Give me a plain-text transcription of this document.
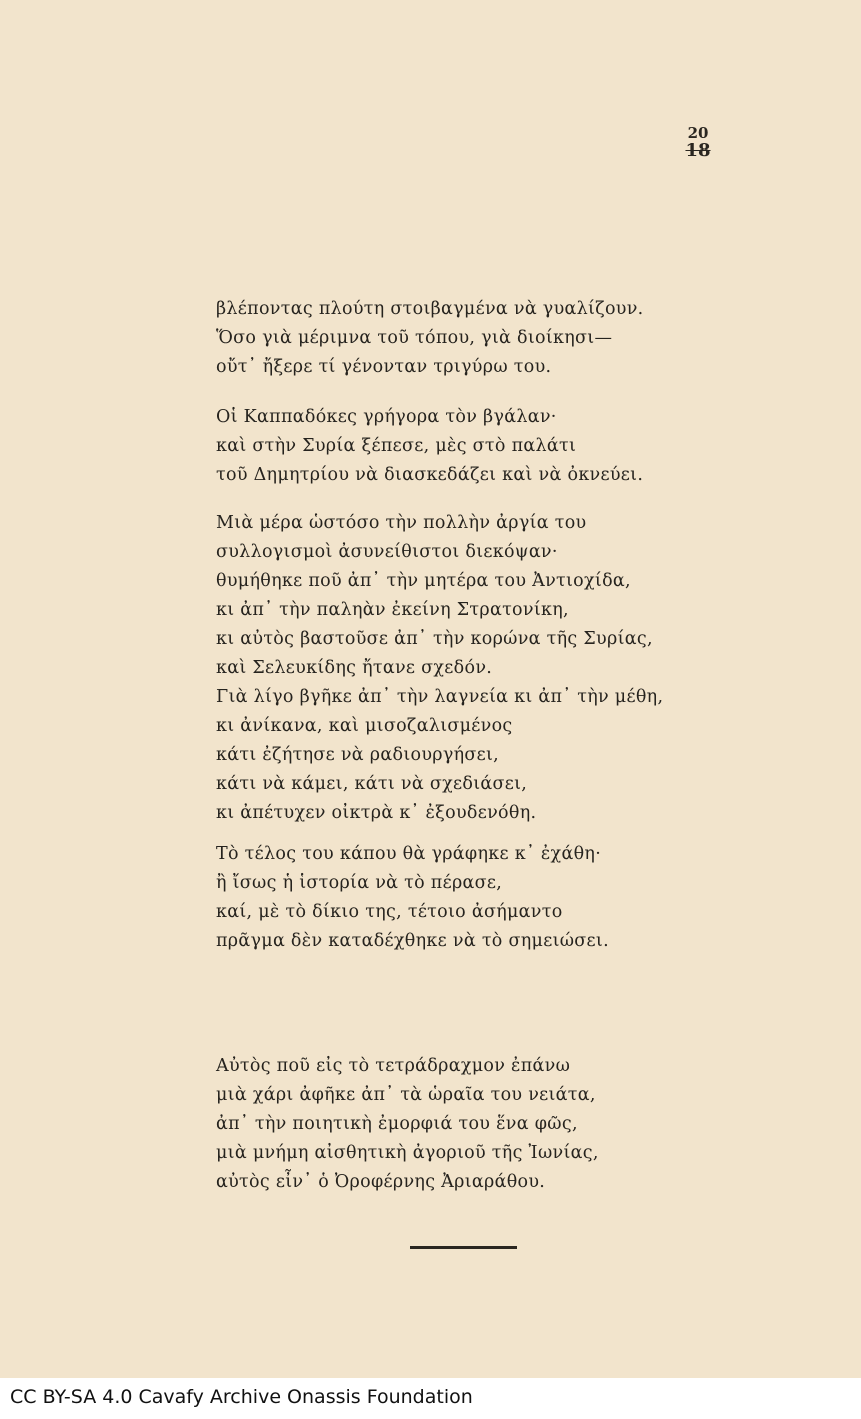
20
18
βλέποντας πλούτη στοιβαγμένα νὰ γυαλίζουν.
Ὅσο γιὰ μέριμνα τοῦ τόπου, γιὰ διοίκησι—
οὔτ᾿ ἤξερε τί γένονταν τριγύρω του.
Οἱ Καππαδόκες γρήγορα τὸν βγάλαν·
καὶ στὴν Συρία ξέπεσε, μὲς στὸ παλάτι
τοῦ Δημητρίου νὰ διασκεδάζει καὶ νὰ ὀκνεύει.
Μιὰ μέρα ὡστόσο τὴν πολλὴν ἀργία του
συλλογισμοὶ ἀσυνείθιστοι διεκόψαν·
θυμήθηκε ποῦ ἀπ᾿ τὴν μητέρα του Ἀντιοχίδα,
κι ἀπ᾿ τὴν παληὰν ἐκείνη Στρατονίκη,
κι αὐτὸς βαστοῦσε ἀπ᾿ τὴν κορώνα τῆς Συρίας,
καὶ Σελευκίδης ἤτανε σχεδόν.
Γιὰ λίγο βγῆκε ἀπ᾿ τὴν λαγνεία κι ἀπ᾿ τὴν μέθη,
κι ἀνίκανα, καὶ μισοζαλισμένος
κάτι ἐζήτησε νὰ ραδιουργήσει,
κάτι νὰ κάμει, κάτι νὰ σχεδιάσει,
κι ἀπέτυχεν οἰκτρὰ κ᾿ ἐξουδενόθη.
Τὸ τέλος του κάπου θὰ γράφηκε κ᾿ ἐχάθη·
ἢ ἴσως ἡ ἱστορία νὰ τὸ πέρασε,
καί, μὲ τὸ δίκιο της, τέτοιο ἀσήμαντο
πρᾶγμα δὲν καταδέχθηκε νὰ τὸ σημειώσει.
Αὐτὸς ποῦ εἰς τὸ τετράδραχμον ἐπάνω
μιὰ χάρι ἀφῆκε ἀπ᾿ τὰ ὡραῖα του νειάτα,
ἀπ᾿ τὴν ποιητικὴ ἐμορφιά του ἕνα φῶς,
μιὰ μνήμη αἰσθητικὴ ἀγοριοῦ τῆς Ἰωνίας,
αὐτὸς εἶν᾿ ὁ Ὀροφέρνης Ἀριαράθου.
CC BY-SA 4.0 Cavafy Archive Onassis Foundation
